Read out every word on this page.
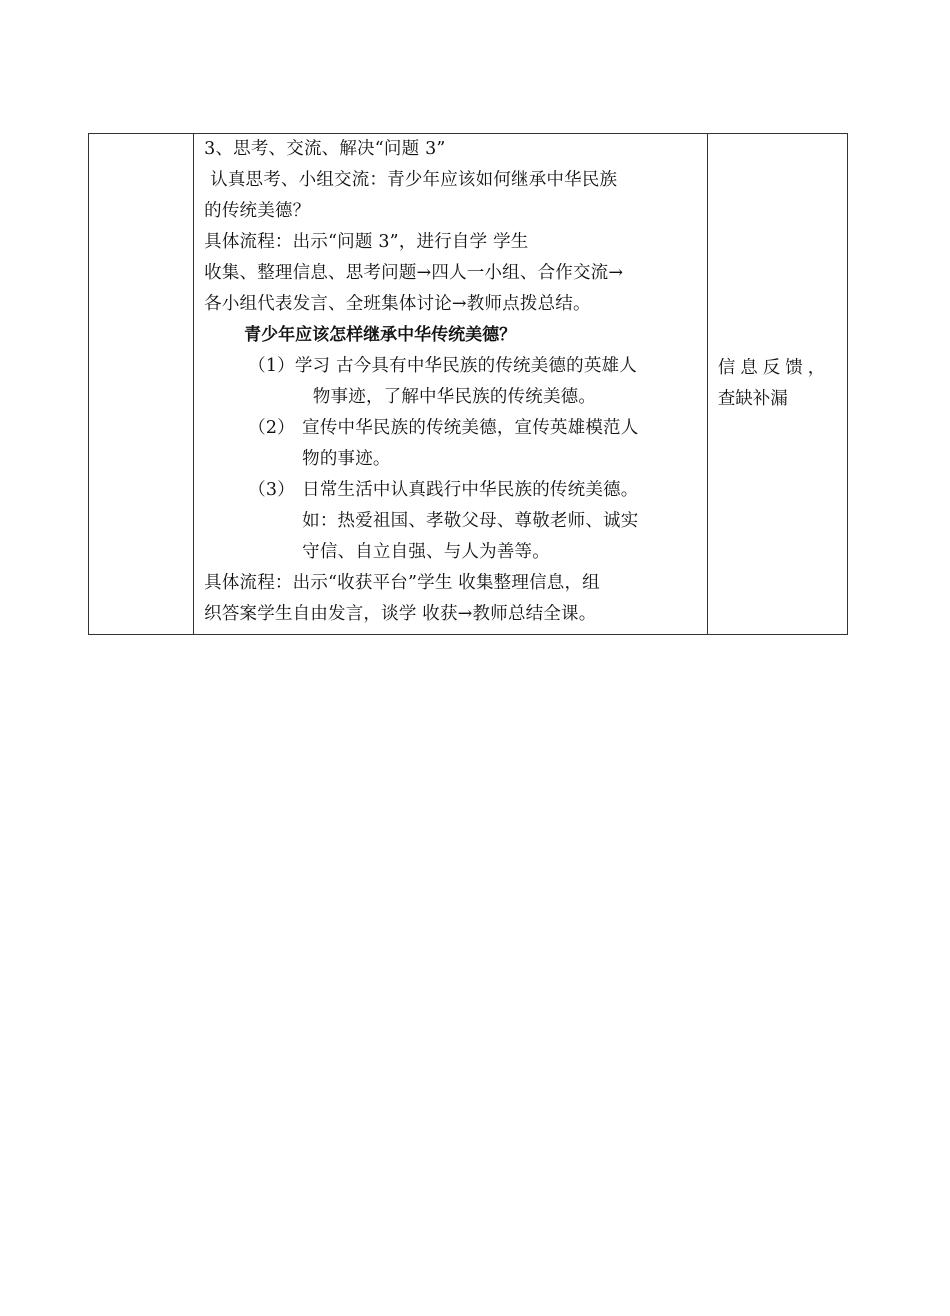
3、思考、交流、解决“问题 3”
认真思考、小组交流：青少年应该如何继承中华民族
的传统美德？
具体流程：出示“问题 3”，进行自学 学生
收集、整理信息、思考问题→四人一小组、合作交流→
各小组代表发言、全班集体讨论→教师点拨总结。
青少年应该怎样继承中华传统美德？
（1） 学习 古今具有中华民族的传统美德的英雄人
物事迹，了解中华民族的传统美德。
（2） 宣传中华民族的传统美德，宣传英雄模范人
物的事迹。
（3） 日常生活中认真践行中华民族的传统美德。
如：热爱祖国、孝敬父母、尊敬老师、诚实
守信、自立自强、与人为善等。
具体流程：出示“收获平台”学生 收集整理信息，组
织答案学生自由发言，谈学 收获→教师总结全课。

信息反馈，
查缺补漏
